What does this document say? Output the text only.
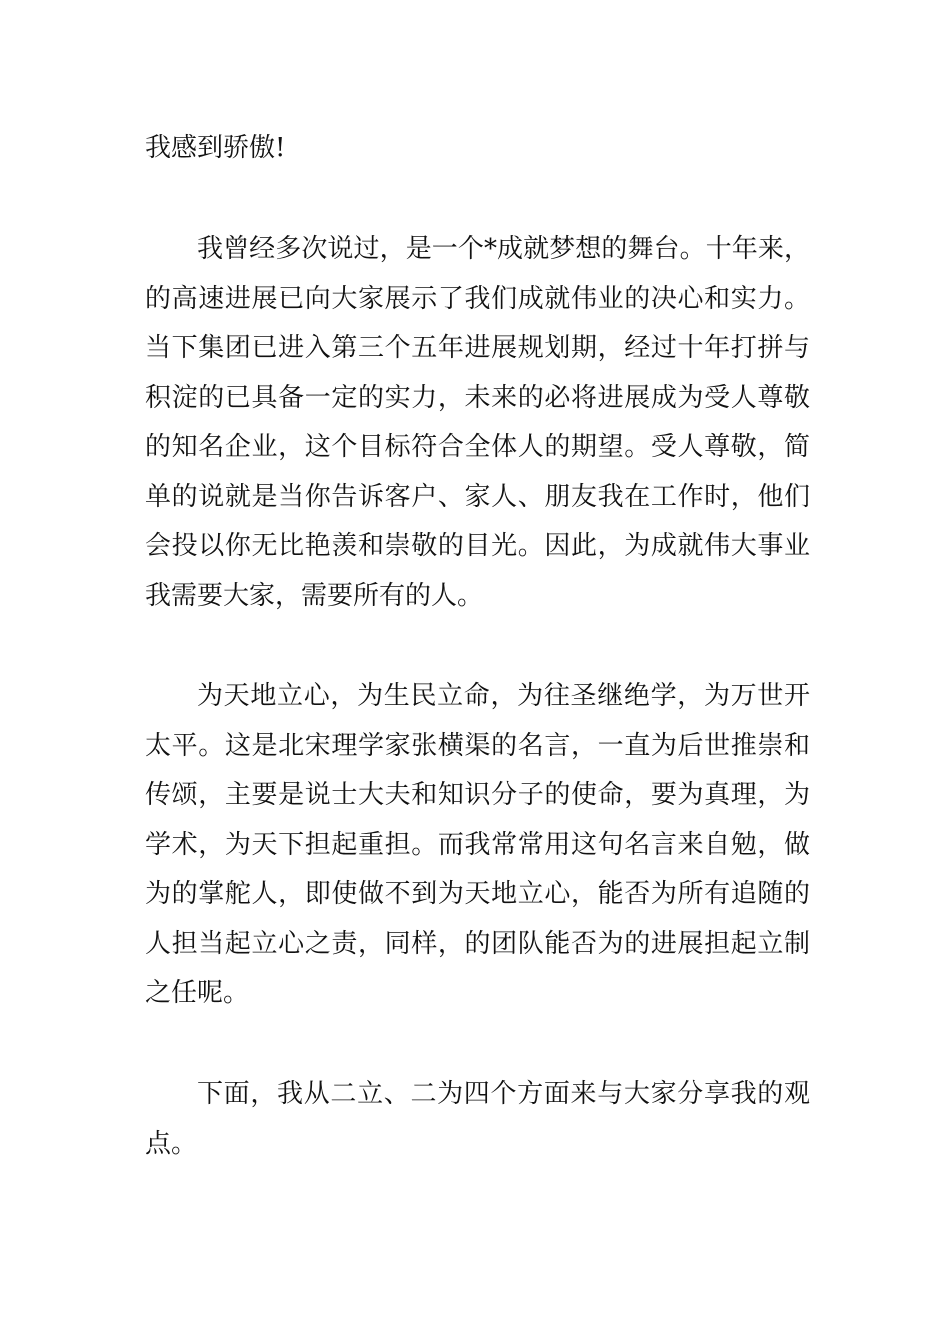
我感到骄傲!
我曾经多次说过，是一个*成就梦想的舞台。十年来，
的高速进展已向大家展示了我们成就伟业的决心和实力。
当下集团已进入第三个五年进展规划期，经过十年打拼与
积淀的已具备一定的实力，未来的必将进展成为受人尊敬
的知名企业，这个目标符合全体人的期望。受人尊敬，简
单的说就是当你告诉客户、家人、朋友我在工作时，他们
会投以你无比艳羡和崇敬的目光。因此，为成就伟大事业
我需要大家，需要所有的人。
为天地立心，为生民立命，为往圣继绝学，为万世开
太平。这是北宋理学家张横渠的名言，一直为后世推崇和
传颂，主要是说士大夫和知识分子的使命，要为真理，为
学术，为天下担起重担。而我常常用这句名言来自勉，做
为的掌舵人，即使做不到为天地立心，能否为所有追随的
人担当起立心之责，同样，的团队能否为的进展担起立制
之任呢。
下面，我从二立、二为四个方面来与大家分享我的观
点。
